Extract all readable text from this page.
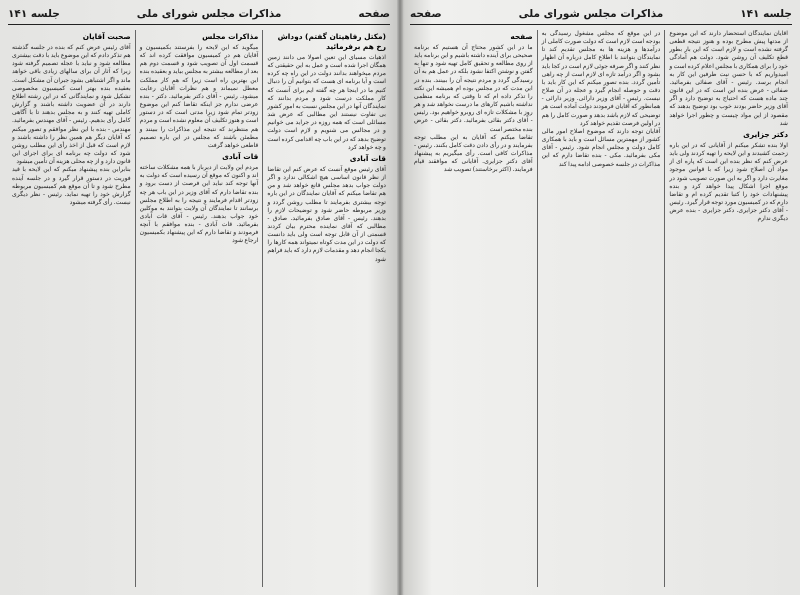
صفحه
مذاکرات مجلس شورای ملی
جلسه ۱۴۱
(مکتل رفاهیتان گفتم) دوداش رخ هم برفرمائید

اذهیات مسیای این تعین اصولا می دانند زمین همگان اجرا شده است و عمل به این حقیقتی که مردم میخواهند بدانند دولت در این راه چه کرده است و آیا برنامه ای هست که بتوانیم آن را دنبال کنیم ما در اینجا هر چه گفته ایم برای آنست که کار مملکت درست شود و مردم بدانند که نمایندگان آنها در این مجلس نسبت به امور کشور بی تفاوت نیستند این مطالبی که عرض شد مسائلی است که همه روزه در جراید می خوانیم و در مجالس می شنویم و لازم است دولت توضیح بدهد که در این باب چه اقدامی کرده است و چه خواهد کرد

قات آبادی

آقای رئیس موقع آنست که عرض کنم این تقاضا از نظر قانون اساسی هیچ اشکالی ندارد و اگر دولت جواب بدهد مجلس قانع خواهد شد و من هم تقاضا میکنم که آقایان نمایندگان در این باره توجه بیشتری بفرمایند تا مطلب روشن گردد و وزیر مربوطه حاضر شود و توضیحات لازم را بدهند. رئیس - آقای صادق بفرمائید. صادق - مطالبی که آقای نماینده محترم بیان کردند قسمتی از آن قابل توجه است ولی باید دانست که دولت در این مدت کوتاه نمیتواند همه کارها را یکجا انجام دهد و مقدمات لازم دارد که باید فراهم شود

مذاکرات مجلس

میگوید که این لایحه را بفرستند بکمیسیون و آقایان هم در کمیسیون موافقت کرده اند که قسمت اول آن تصویب شود و قسمت دوم هم بعد از مطالعه بیشتر به مجلس بیاید و بعقیده بنده این بهترین راه است زیرا که هم کار مملکت معطل نمیماند و هم نظرات آقایان رعایت میشود. رئیس - آقای دکتر بفرمائید. دکتر - بنده عرضی ندارم جز اینکه تقاضا کنم این موضوع زودتر تمام شود زیرا مدتی است که در دستور است و هنوز تکلیف آن معلوم نشده است و مردم هم منتظرند که نتیجه این مذاکرات را ببینند و مطمئن باشند که مجلس در این باره تصمیم قاطعی خواهد گرفت

قات آبادی

مردم این ولایت از دیرباز با همه مشکلات ساخته اند و اکنون که موقع آن رسیده است که دولت به آنها توجه کند نباید این فرصت از دست برود و بنده تقاضا دارم که آقای وزیر در این باب هر چه زودتر اقدام فرمایند و نتیجه را به اطلاع مجلس برسانند تا نمایندگان آن ولایت بتوانند به موکلین خود جواب بدهند. رئیس - آقای قات آبادی بفرمائید. قات آبادی - بنده موافقم با آنچه فرمودند و تقاضا دارم که این پیشنهاد بکمیسیون ارجاع شود

صحبت آقایان

آقای رئیس عرض کنم که بنده در جلسه گذشته هم تذکر دادم که این موضوع باید با دقت بیشتری مطالعه شود و نباید با عجله تصمیم گرفته شود زیرا که آثار آن برای سالهای زیادی باقی خواهد ماند و اگر اشتباهی بشود جبران آن مشکل است. بعقیده بنده بهتر است کمیسیون مخصوصی تشکیل شود و نمایندگانی که در این رشته اطلاع دارند در آن عضویت داشته باشند و گزارش کاملی تهیه کنند و به مجلس بدهند تا با آگاهی کامل رأی بدهیم. رئیس - آقای مهندس بفرمائید. مهندس - بنده با این نظر موافقم و تصور میکنم که آقایان دیگر هم همین نظر را داشته باشند و لازم است که قبل از اخذ رأی این مطلب روشن شود که دولت چه برنامه ای برای اجرای این قانون دارد و از چه محلی هزینه آن تأمین میشود

بنابراین بنده پیشنهاد میکنم که این لایحه با قید فوریت در دستور قرار گیرد و در جلسه آینده مطرح شود و تا آن موقع هم کمیسیون مربوطه گزارش خود را تهیه نماید. رئیس - نظر دیگری نیست. رأی گرفته میشود

جلسه ۱۴۱
مذاکرات مجلس شورای ملی
صفحه

آقایان نمایندگان استحضار دارند که این موضوع از مدتها پیش مطرح بوده و هنوز نتیجه قطعی گرفته نشده است و لازم است که این بار بطور قطع تکلیف آن روشن شود. دولت هم آمادگی خود را برای همکاری با مجلس اعلام کرده است و امیدواریم که با حسن نیت طرفین این کار به انجام برسد. رئیس - آقای صفائی بفرمائید. صفائی - عرض بنده این است که در این قانون چند ماده هست که احتیاج به توضیح دارد و اگر آقای وزیر حاضر بودند خوب بود توضیح بدهند که مقصود از این مواد چیست و چطور اجرا خواهد شد

دکتر جزایری

اولا بنده تشکر میکنم از آقایانی که در این باره زحمت کشیدند و این لایحه را تهیه کردند ولی باید عرض کنم که نظر بنده این است که پاره ای از مواد آن اصلاح شود زیرا که با قوانین موجود مغایرت دارد و اگر به این صورت تصویب شود در موقع اجرا اشکال پیدا خواهد کرد و بنده پیشنهادات خود را کتبا تقدیم کرده ام و تقاضا دارم که در کمیسیون مورد توجه قرار گیرد. رئیس - آقای دکتر جزایری. دکتر جزایری - بنده عرض دیگری ندارم

در این موقع که مجلس مشغول رسیدگی به بودجه است لازم است که دولت صورت کاملی از درآمدها و هزینه ها به مجلس تقدیم کند تا نمایندگان بتوانند با اطلاع کامل درباره آن اظهار نظر کنند و اگر صرفه جوئی لازم است در کجا باید بشود و اگر درآمد تازه ای لازم است از چه راهی تأمین گردد. بنده تصور میکنم که این کار باید با دقت و حوصله انجام گیرد و عجله در آن صلاح نیست. رئیس - آقای وزیر دارائی. وزیر دارائی - همانطور که آقایان فرمودند دولت آماده است هر توضیحی که لازم باشد بدهد و صورت کامل را هم در اولین فرصت تقدیم خواهد کرد

آقایان توجه دارند که موضوع اصلاح امور مالی کشور از مهمترین مسائل است و باید با همکاری کامل دولت و مجلس انجام شود. رئیس - آقای مکی بفرمائید. مکی - بنده تقاضا دارم که این مذاکرات در جلسه خصوصی ادامه پیدا کند

صفحه

ما در این کشور محتاج آن هستیم که برنامه صحیحی برای آینده داشته باشیم و این برنامه باید از روی مطالعه و تحقیق کامل تهیه شود و تنها به گفتن و نوشتن اکتفا نشود بلکه در عمل هم به آن رسیدگی گردد و مردم نتیجه آن را ببینند. بنده در این مدت که در مجلس بوده ام همیشه این نکته را تذکر داده ام که تا وقتی که برنامه منظمی نداشته باشیم کارهای ما درست نخواهد شد و هر روز با مشکلات تازه ای روبرو خواهیم بود. رئیس - آقای دکتر بقائی بفرمائید. دکتر بقائی - عرض بنده مختصر است

تقاضا میکنم که آقایان به این مطلب توجه بفرمایند و در رأی دادن دقت کامل بکنند. رئیس - مذاکرات کافی است. رأی میگیریم به پیشنهاد آقای دکتر جزایری. آقایانی که موافقند قیام فرمایند. (اکثر برخاستند) تصویب شد
